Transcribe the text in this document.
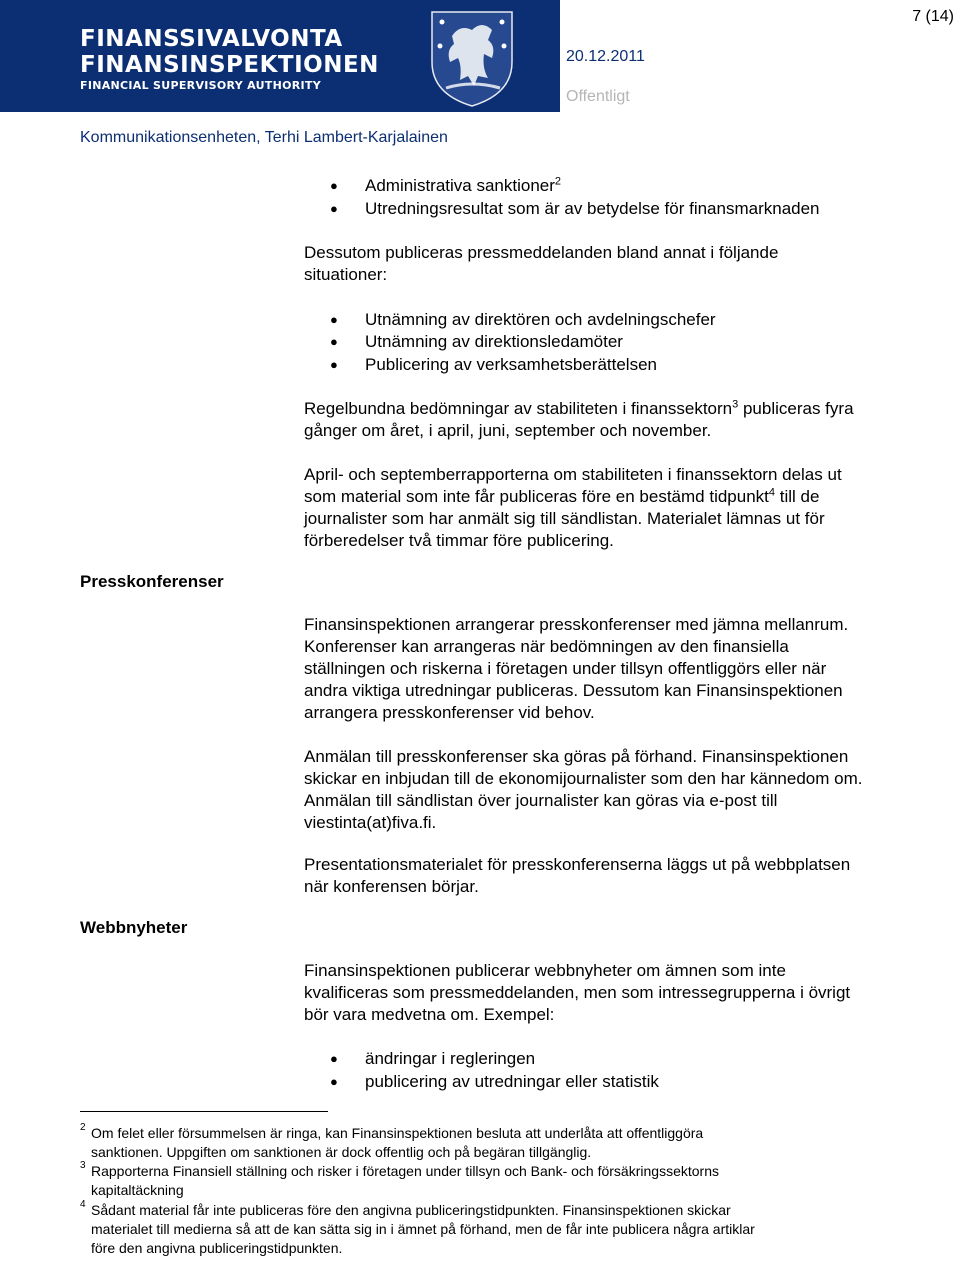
FINANSSIVALVONTA
FINANSINSPEKTIONEN
FINANCIAL SUPERVISORY AUTHORITY
20.12.2011
Offentligt
7 (14)
Kommunikationsenheten, Terhi Lambert-Karjalainen
● Administrativa sanktioner$^2$
● Utredningsresultat som är av betydelse för finansmarknaden
Dessutom publiceras pressmeddelanden bland annat i följande
situationer:
● Utnämning av direktören och avdelningschefer
● Utnämning av direktionsledamöter
● Publicering av verksamhetsberättelsen
Regelbundna bedömningar av stabiliteten i finanssektorn$^3$ publiceras fyra
gånger om året, i april, juni, september och november.
April- och septemberrapporterna om stabiliteten i finanssektorn delas ut
som material som inte får publiceras före en bestämd tidpunkt$^4$ till de
journalister som har anmält sig till sändlistan. Materialet lämnas ut för
förberedelser två timmar före publicering.
Presskonferenser
Finansinspektionen arrangerar presskonferenser med jämna mellanrum.
Konferenser kan arrangeras när bedömningen av den finansiella
ställningen och riskerna i företagen under tillsyn offentliggörs eller när
andra viktiga utredningar publiceras. Dessutom kan Finansinspektionen
arrangera presskonferenser vid behov.
Anmälan till presskonferenser ska göras på förhand. Finansinspektionen
skickar en inbjudan till de ekonomijournalister som den har kännedom om.
Anmälan till sändlistan över journalister kan göras via e-post till
viestinta(at)fiva.fi.
Presentationsmaterialet för presskonferenserna läggs ut på webbplatsen
när konferensen börjar.
Webbnyheter
Finansinspektionen publicerar webbnyheter om ämnen som inte
kvalificeras som pressmeddelanden, men som intressegrupperna i övrigt
bör vara medvetna om. Exempel:
● ändringar i regleringen
● publicering av utredningar eller statistik
2 Om felet eller försummelsen är ringa, kan Finansinspektionen besluta att underlåta att offentliggöra
sanktionen. Uppgiften om sanktionen är dock offentlig och på begäran tillgänglig.
3 Rapporterna Finansiell ställning och risker i företagen under tillsyn och Bank- och försäkringssektorns
kapitaltäckning
4 Sådant material får inte publiceras före den angivna publiceringstidpunkten. Finansinspektionen skickar
materialet till medierna så att de kan sätta sig in i ämnet på förhand, men de får inte publicera några artiklar
före den angivna publiceringstidpunkten.
